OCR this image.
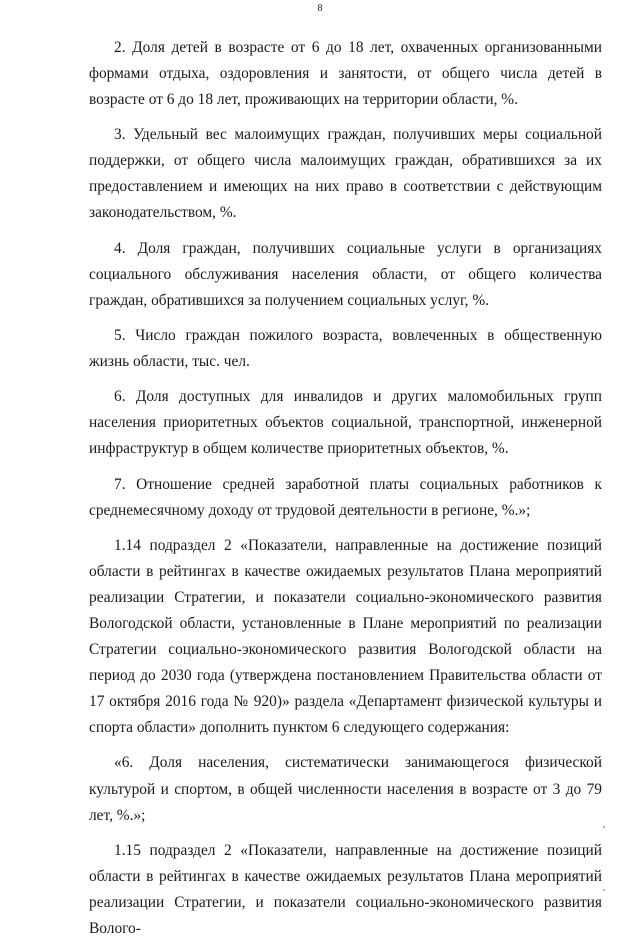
8

2. Доля детей в возрасте от 6 до 18 лет, охваченных организованными формами отдыха, оздоровления и занятости, от общего числа детей в возрасте от 6 до 18 лет, проживающих на территории области, %.

3. Удельный вес малоимущих граждан, получивших меры социальной поддержки, от общего числа малоимущих граждан, обратившихся за их предоставлением и имеющих на них право в соответствии с действующим законодательством, %.

4. Доля граждан, получивших социальные услуги в организациях социального обслуживания населения области, от общего количества граждан, обратившихся за получением социальных услуг, %.

5. Число граждан пожилого возраста, вовлеченных в общественную жизнь области, тыс. чел.

6. Доля доступных для инвалидов и других маломобильных групп населения приоритетных объектов социальной, транспортной, инженерной инфраструктур в общем количестве приоритетных объектов, %.

7. Отношение средней заработной платы социальных работников к среднемесячному доходу от трудовой деятельности в регионе, %.»;

1.14 подраздел 2 «Показатели, направленные на достижение позиций области в рейтингах в качестве ожидаемых результатов Плана мероприятий реализации Стратегии, и показатели социально-экономического развития Вологодской области, установленные в Плане мероприятий по реализации Стратегии социально-экономического развития Вологодской области на период до 2030 года (утверждена постановлением Правительства области от 17 октября 2016 года № 920)» раздела «Департамент физической культуры и спорта области» дополнить пунктом 6 следующего содержания:

«6. Доля населения, систематически занимающегося физической культурой и спортом, в общей численности населения в возрасте от 3 до 79 лет, %.»;

1.15 подраздел 2 «Показатели, направленные на достижение позиций области в рейтингах в качестве ожидаемых результатов Плана мероприятий реализации Стратегии, и показатели социально-экономического развития Волого-
